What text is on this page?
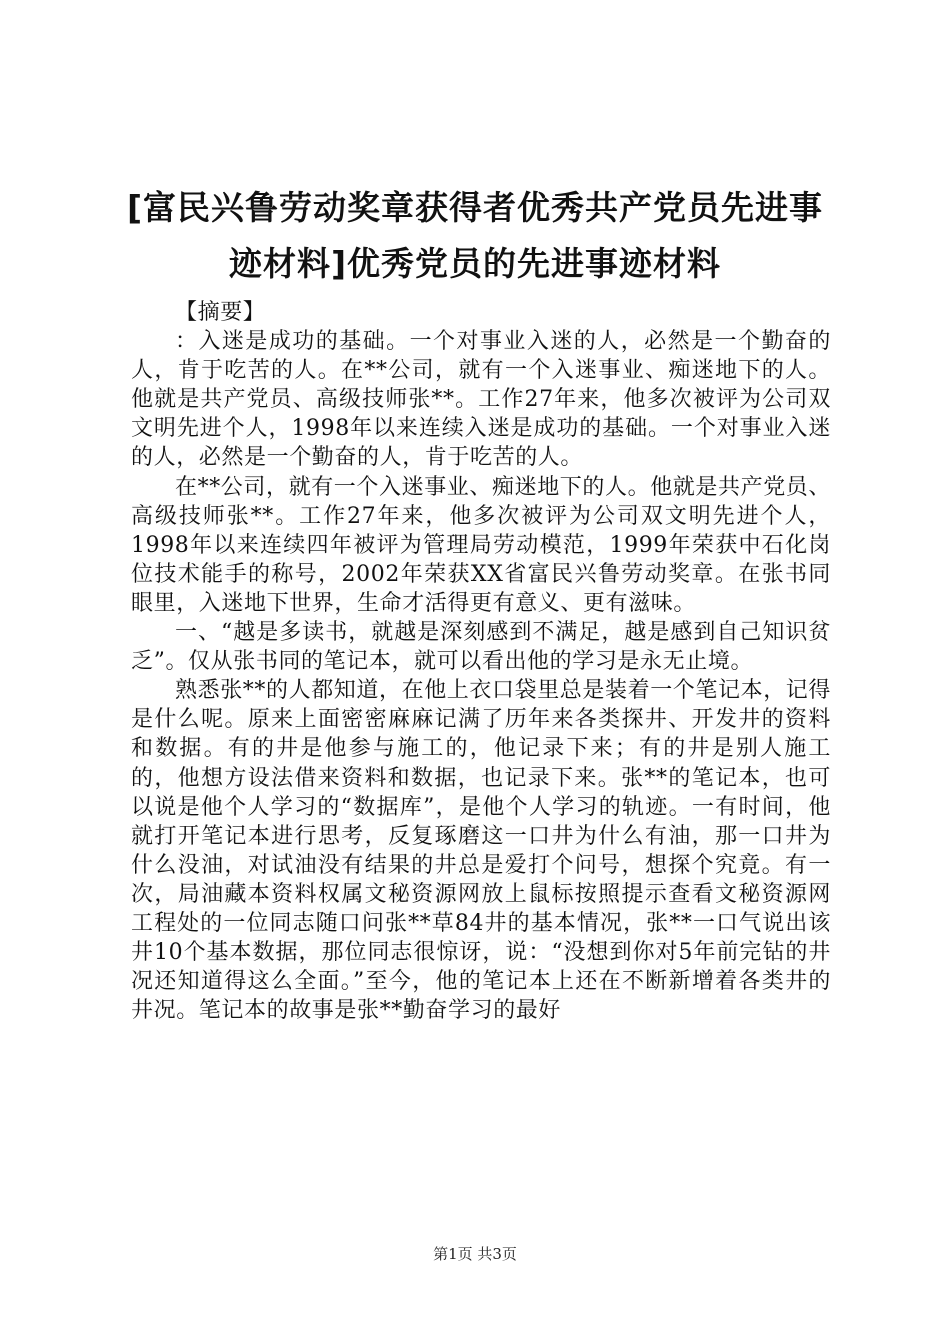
[富民兴鲁劳动奖章获得者优秀共产党员先进事迹材料]优秀党员的先进事迹材料

【摘要】

：入迷是成功的基础。一个对事业入迷的人，必然是一个勤奋的人，肯于吃苦的人。在**公司，就有一个入迷事业、痴迷地下的人。他就是共产党员、高级技师张**。工作27年来，他多次被评为公司双文明先进个人，1998年以来连续入迷是成功的基础。一个对事业入迷的人，必然是一个勤奋的人，肯于吃苦的人。

在**公司，就有一个入迷事业、痴迷地下的人。他就是共产党员、高级技师张**。工作27年来，他多次被评为公司双文明先进个人，1998年以来连续四年被评为管理局劳动模范，1999年荣获中石化岗位技术能手的称号，2002年荣获XX省富民兴鲁劳动奖章。在张书同眼里，入迷地下世界，生命才活得更有意义、更有滋味。

一、“越是多读书，就越是深刻感到不满足，越是感到自己知识贫乏”。仅从张书同的笔记本，就可以看出他的学习是永无止境。

熟悉张**的人都知道，在他上衣口袋里总是装着一个笔记本，记得是什么呢。原来上面密密麻麻记满了历年来各类探井、开发井的资料和数据。有的井是他参与施工的，他记录下来；有的井是别人施工的，他想方设法借来资料和数据，也记录下来。张**的笔记本，也可以说是他个人学习的“数据库”，是他个人学习的轨迹。一有时间，他就打开笔记本进行思考，反复琢磨这一口井为什么有油，那一口井为什么没油，对试油没有结果的井总是爱打个问号，想探个究竟。有一次，局油藏本资料权属文秘资源网放上鼠标按照提示查看文秘资源网工程处的一位同志随口问张**草84井的基本情况，张**一口气说出该井10个基本数据，那位同志很惊讶，说：“没想到你对5年前完钻的井况还知道得这么全面。”至今，他的笔记本上还在不断新增着各类井的井况。笔记本的故事是张**勤奋学习的最好

第1页 共3页
